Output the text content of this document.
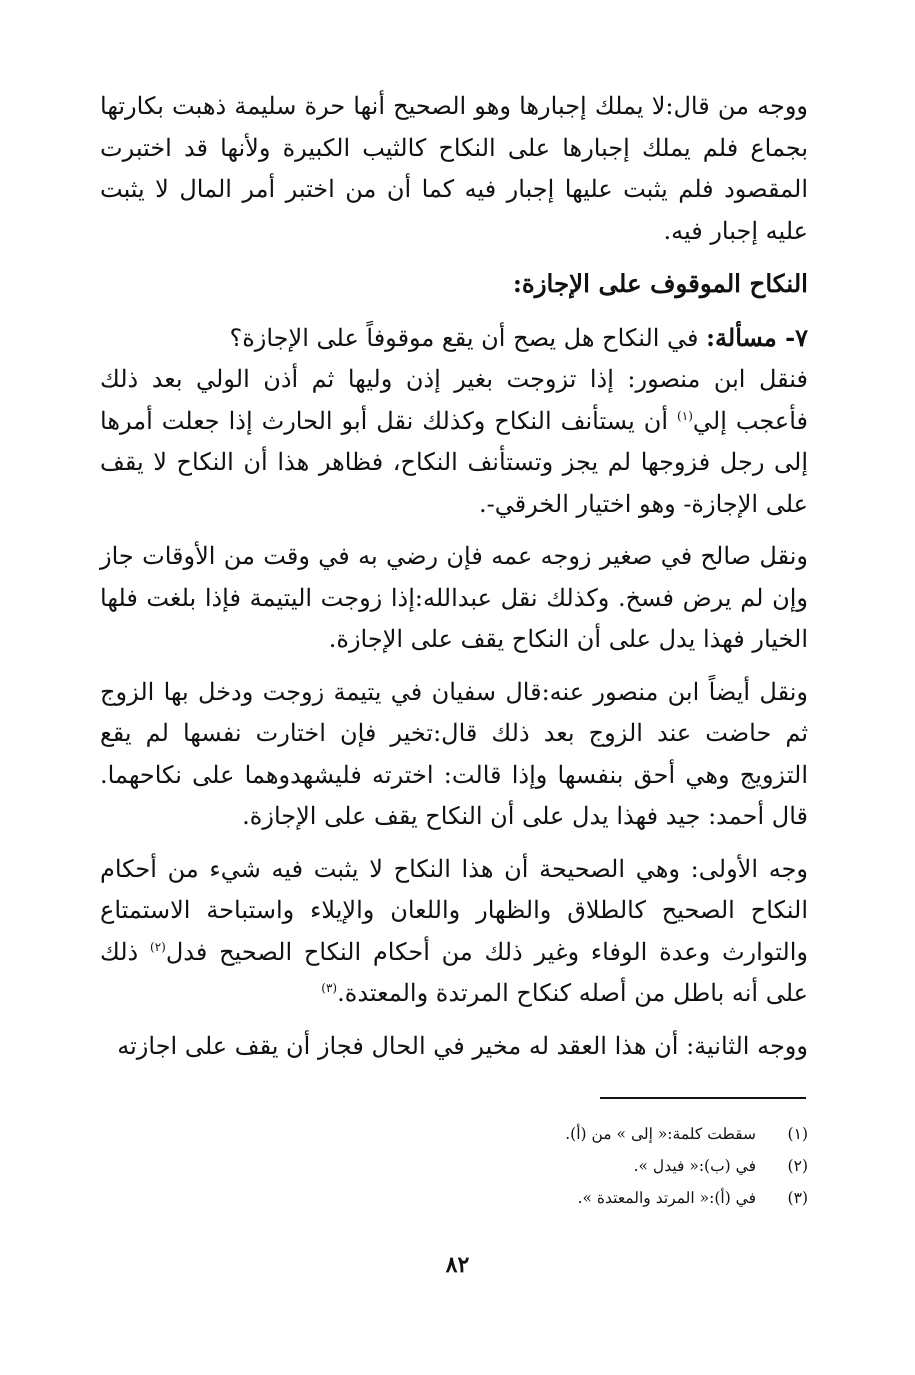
ووجه من قال:لا يملك إجبارها وهو الصحيح أنها حرة سليمة ذهبت بكارتها بجماع فلم يملك إجبارها على النكاح كالثيب الكبيرة ولأنها قد اختبرت المقصود فلم يثبت عليها إجبار فيه كما أن من اختبر أمر المال لا يثبت عليه إجبار فيه.

النكاح الموقوف على الإجازة:

٧- مسألة: في النكاح هل يصح أن يقع موقوفاً على الإجازة؟

فنقل ابن منصور: إذا تزوجت بغير إذن وليها ثم أذن الولي بعد ذلك فأعجب إلي$^{(١)}$ أن يستأنف النكاح وكذلك نقل أبو الحارث إذا جعلت أمرها إلى رجل فزوجها لم يجز وتستأنف النكاح، فظاهر هذا أن النكاح لا يقف على الإجازة- وهو اختيار الخرقي-.

ونقل صالح في صغير زوجه عمه فإن رضي به في وقت من الأوقات جاز وإن لم يرض فسخ. وكذلك نقل عبدالله:إذا زوجت اليتيمة فإذا بلغت فلها الخيار فهذا يدل على أن النكاح يقف على الإجازة.

ونقل أيضاً ابن منصور عنه:قال سفيان في يتيمة زوجت ودخل بها الزوج ثم حاضت عند الزوج بعد ذلك قال:تخير فإن اختارت نفسها لم يقع التزويج وهي أحق بنفسها وإذا قالت: اخترته فليشهدوهما على نكاحهما. قال أحمد: جيد فهذا يدل على أن النكاح يقف على الإجازة.

وجه الأولى: وهي الصحيحة أن هذا النكاح لا يثبت فيه شيء من أحكام النكاح الصحيح كالطلاق والظهار واللعان والإيلاء واستباحة الاستمتاع والتوارث وعدة الوفاء وغير ذلك من أحكام النكاح الصحيح فدل$^{(٢)}$ ذلك على أنه باطل من أصله كنكاح المرتدة والمعتدة.$^{(٣)}$

ووجه الثانية: أن هذا العقد له مخير في الحال فجاز أن يقف على اجازته

(١)
سقطت كلمة:« إلى » من (أ).
(٢)
في (ب):« فيدل ».
(٣)
في (أ):« المرتد والمعتدة ».
٨٢
